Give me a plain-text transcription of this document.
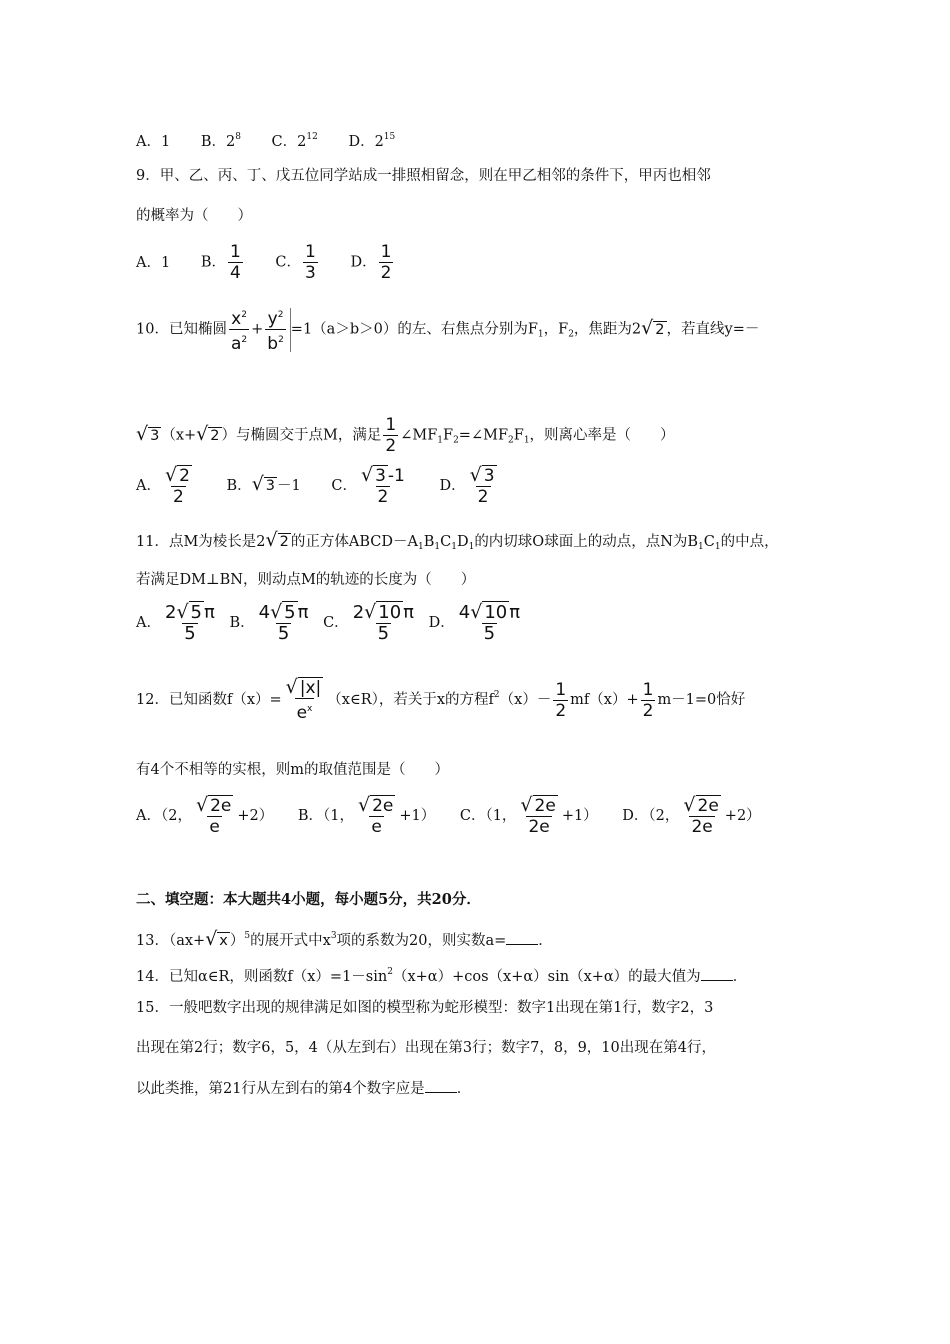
A．1 B．$2^8$ C．$2^{12}$ D．$2^{15}$
9．甲、乙、丙、丁、戊五位同学站成一排照相留念，则在甲乙相邻的条件下，甲丙也相邻
的概率为（　　）
A．1 B． $\frac{1}{4}$ C． $\frac{1}{3}$ D． $\frac{1}{2}$
10．已知椭圆 $\frac{x^2}{a^2} + \frac{y^2}{b^2} =1(a>b>0)$的左、右焦点分别为$F_1$，$F_2$，焦距为2√ 2 ，若直线y=－
√ 3 （x+√ 2 ）与椭圆交于点M，满足 $\frac{1}{2}$ $\angle MF_1F_2=\angle MF_2F_1$，则离心率是（　　）
A． $\frac{√ 2}{2}$ B．√ 3 －1 C． $\frac{√ 3 -1}{2}$ D． $\frac{√ 3}{2}$
11．点M为棱长是2√ 2 的正方体$ABCD-A_1B_1C_1D_1$的内切球O球面上的动点，点N为$B_1C_1$的中点，
若满足DM⊥BN，则动点M的轨迹的长度为（　　）
A． $\frac{2√ 5 \pi}{5}$ B． $\frac{4√ 5 \pi}{5}$ C． $\frac{2√ 10 \pi}{5}$ D． $\frac{4√ 10 \pi}{5}$
12．已知函数$f(x)= \frac{√ |x|}{e^x}$ （x∈R），若关于x的方程$f^2(x)- \frac{1}{2} mf(x)+ \frac{1}{2} m-1=0$恰好
有4个不相等的实根，则m的取值范围是（　　）
A．（2， $\frac{√ 2e}{e} +2$） B．（1， $\frac{√ 2e}{e} +1$） C．（1， $\frac{√ 2e}{2e} +1$） D．（2， $\frac{√ 2e}{2e} +2$）
二、填空题：本大题共4小题，每小题5分，共20分．
13．（ax+√ x ）$^5$的展开式中$x^3$项的系数为20，则实数a= ．
14．已知α∈R，则函数$f(x)=1-\sin^2(x+\alpha)+\cos(x+\alpha)\sin(x+\alpha)$的最大值为 ．
15．一般吧数字出现的规律满足如图的模型称为蛇形模型：数字1出现在第1行，数字2，3
出现在第2行；数字6，5，4（从左到右）出现在第3行；数字7，8，9，10出现在第4行，
以此类推，第21行从左到右的第4个数字应是 ．
